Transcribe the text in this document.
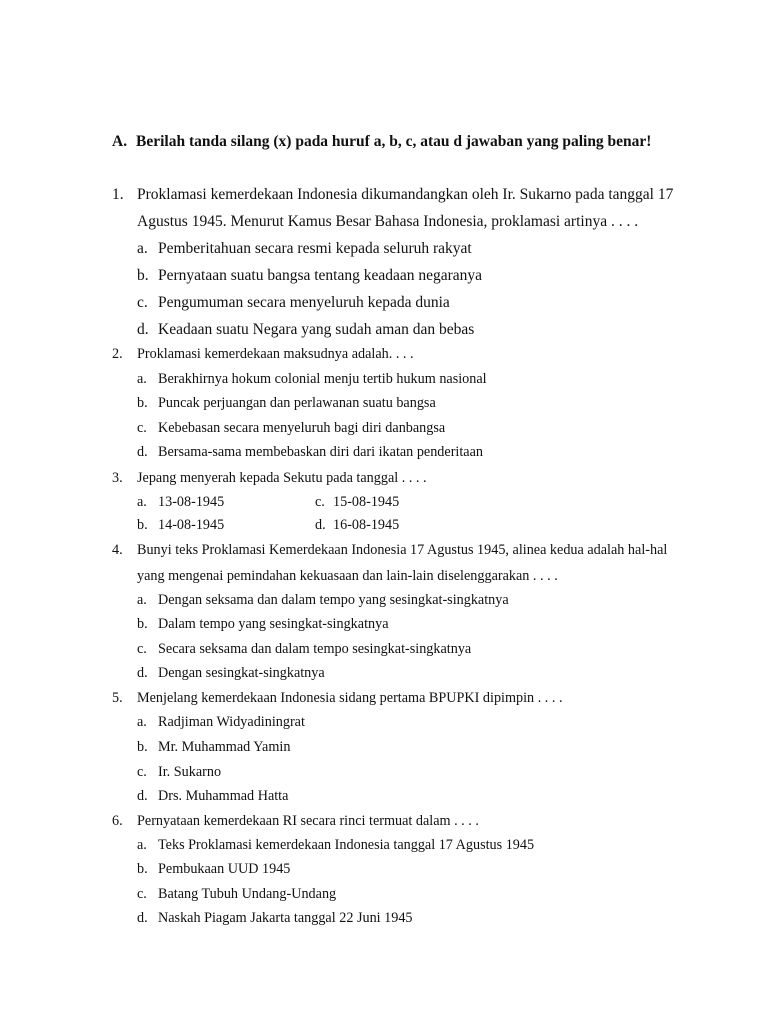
A. Berilah tanda silang (x) pada huruf a, b, c, atau d jawaban yang paling benar!
1. Proklamasi kemerdekaan Indonesia dikumandangkan oleh Ir. Sukarno pada tanggal 17
Agustus 1945. Menurut Kamus Besar Bahasa Indonesia, proklamasi artinya . . . .
a. Pemberitahuan secara resmi kepada seluruh rakyat
b. Pernyataan suatu bangsa tentang keadaan negaranya
c. Pengumuman secara menyeluruh kepada dunia
d. Keadaan suatu Negara yang sudah aman dan bebas
2. Proklamasi kemerdekaan maksudnya adalah. . . .
a. Berakhirnya hokum colonial menju tertib hukum nasional
b. Puncak perjuangan dan perlawanan suatu bangsa
c. Kebebasan secara menyeluruh bagi diri danbangsa
d. Bersama-sama membebaskan diri dari ikatan penderitaan
3. Jepang menyerah kepada Sekutu pada tanggal . . . .
a. 13-08-1945	c. 15-08-1945
b. 14-08-1945	d. 16-08-1945
4. Bunyi teks Proklamasi Kemerdekaan Indonesia 17 Agustus 1945, alinea kedua adalah hal-hal
yang mengenai pemindahan kekuasaan dan lain-lain diselenggarakan . . . .
a. Dengan seksama dan dalam tempo yang sesingkat-singkatnya
b. Dalam tempo yang sesingkat-singkatnya
c. Secara seksama dan dalam tempo sesingkat-singkatnya
d. Dengan sesingkat-singkatnya
5. Menjelang kemerdekaan Indonesia sidang pertama BPUPKI dipimpin . . . .
a. Radjiman Widyadiningrat
b. Mr. Muhammad Yamin
c. Ir. Sukarno
d. Drs. Muhammad Hatta
6. Pernyataan kemerdekaan RI secara rinci termuat dalam . . . .
a. Teks Proklamasi kemerdekaan Indonesia tanggal 17 Agustus 1945
b. Pembukaan UUD 1945
c. Batang Tubuh Undang-Undang
d. Naskah Piagam Jakarta tanggal 22 Juni 1945
